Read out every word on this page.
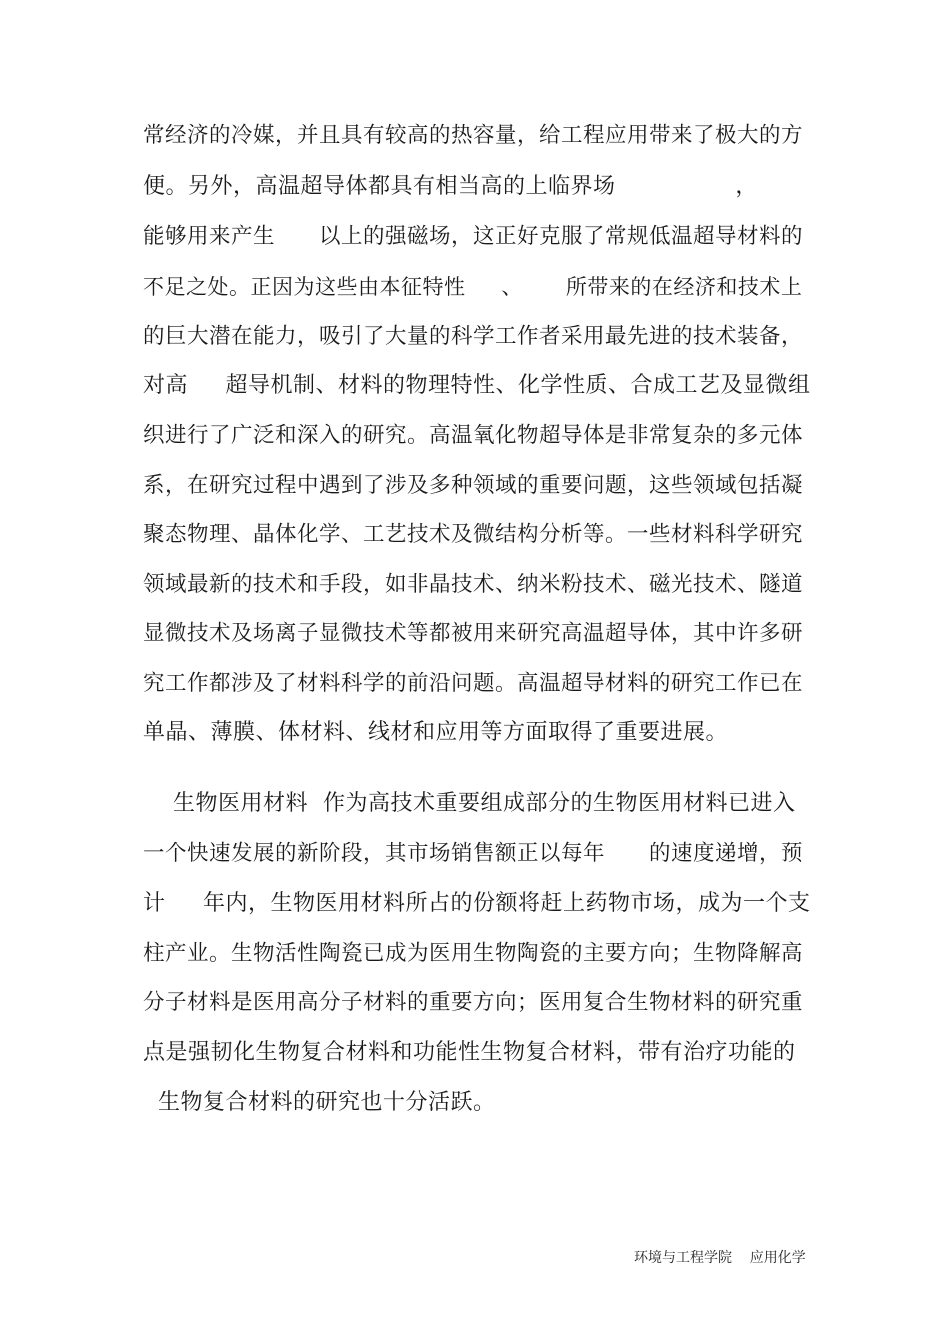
常经济的冷媒，并且具有较高的热容量，给工程应用带来了极大的方
便。另外，高温超导体都具有相当高的上临界场                ，
能够用来产生      以上的强磁场，这正好克服了常规低温超导材料的
不足之处。正因为这些由本征特性     、      所带来的在经济和技术上
的巨大潜在能力，吸引了大量的科学工作者采用最先进的技术装备，
对高     超导机制、材料的物理特性、化学性质、合成工艺及显微组
织进行了广泛和深入的研究。高温氧化物超导体是非常复杂的多元体
系，在研究过程中遇到了涉及多种领域的重要问题，这些领域包括凝
聚态物理、晶体化学、工艺技术及微结构分析等。一些材料科学研究
领域最新的技术和手段，如非晶技术、纳米粉技术、磁光技术、隧道
显微技术及场离子显微技术等都被用来研究高温超导体，其中许多研
究工作都涉及了材料科学的前沿问题。高温超导材料的研究工作已在
单晶、薄膜、体材料、线材和应用等方面取得了重要进展。
生物医用材料  作为高技术重要组成部分的生物医用材料已进入
一个快速发展的新阶段，其市场销售额正以每年      的速度递增，预
计     年内，生物医用材料所占的份额将赶上药物市场，成为一个支
柱产业。生物活性陶瓷已成为医用生物陶瓷的主要方向；生物降解高
分子材料是医用高分子材料的重要方向；医用复合生物材料的研究重
点是强韧化生物复合材料和功能性生物复合材料，带有治疗功能的
生物复合材料的研究也十分活跃。
环境与工程学院    应用化学
